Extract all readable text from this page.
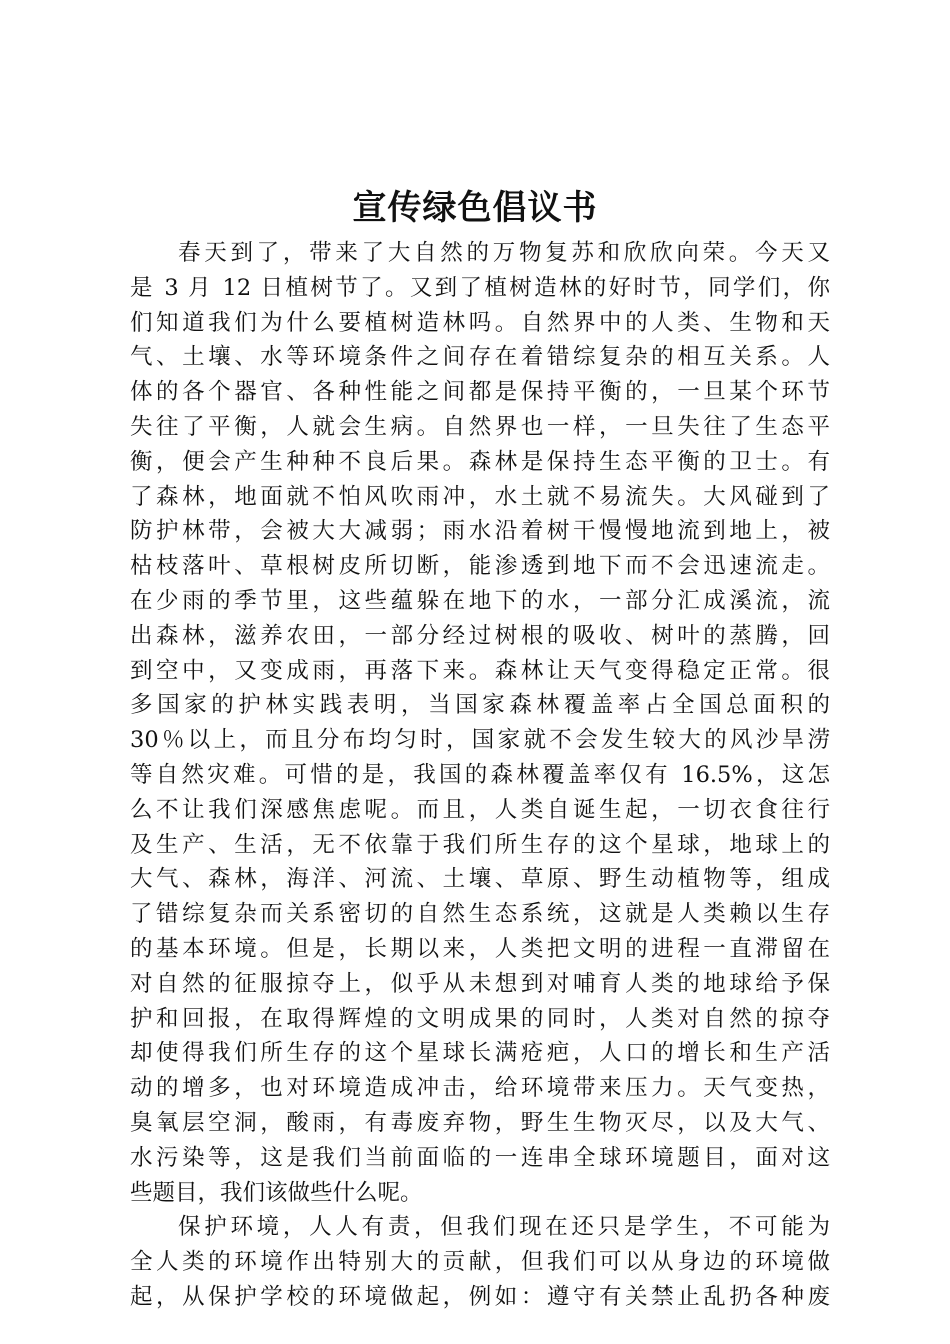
宣传绿色倡议书
春天到了，带来了大自然的万物复苏和欣欣向荣。今天又
是 3 月 12 日植树节了。又到了植树造林的好时节，同学们，你
们知道我们为什么要植树造林吗。自然界中的人类、生物和天
气、土壤、水等环境条件之间存在着错综复杂的相互关系。人
体的各个器官、各种性能之间都是保持平衡的，一旦某个环节
失往了平衡，人就会生病。自然界也一样，一旦失往了生态平
衡，便会产生种种不良后果。森林是保持生态平衡的卫士。有
了森林，地面就不怕风吹雨冲，水土就不易流失。大风碰到了
防护林带，会被大大减弱；雨水沿着树干慢慢地流到地上，被
枯枝落叶、草根树皮所切断，能渗透到地下而不会迅速流走。
在少雨的季节里，这些蕴躲在地下的水，一部分汇成溪流，流
出森林，滋养农田，一部分经过树根的吸收、树叶的蒸腾，回
到空中，又变成雨，再落下来。森林让天气变得稳定正常。很
多国家的护林实践表明，当国家森林覆盖率占全国总面积的
30％以上，而且分布均匀时，国家就不会发生较大的风沙旱涝
等自然灾难。可惜的是，我国的森林覆盖率仅有 16.5%，这怎
么不让我们深感焦虑呢。而且，人类自诞生起，一切衣食往行
及生产、生活，无不依靠于我们所生存的这个星球，地球上的
大气、森林，海洋、河流、土壤、草原、野生动植物等，组成
了错综复杂而关系密切的自然生态系统，这就是人类赖以生存
的基本环境。但是，长期以来，人类把文明的进程一直滞留在
对自然的征服掠夺上，似乎从未想到对哺育人类的地球给予保
护和回报，在取得辉煌的文明成果的同时，人类对自然的掠夺
却使得我们所生存的这个星球长满疮疤，人口的增长和生产活
动的增多，也对环境造成冲击，给环境带来压力。天气变热，
臭氧层空洞，酸雨，有毒废弃物，野生生物灭尽，以及大气、
水污染等，这是我们当前面临的一连串全球环境题目，面对这
些题目，我们该做些什么呢。
保护环境，人人有责，但我们现在还只是学生，不可能为
全人类的环境作出特别大的贡献，但我们可以从身边的环境做
起，从保护学校的环境做起，例如：遵守有关禁止乱扔各种废
